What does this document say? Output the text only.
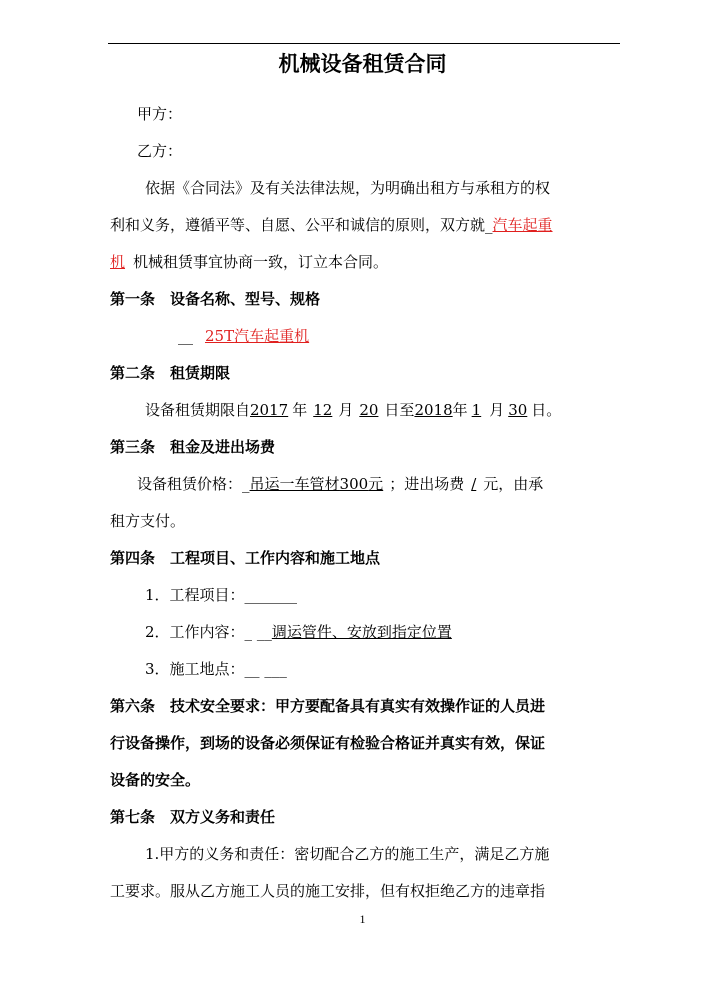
机械设备租赁合同
甲方：
乙方：
依据《合同法》及有关法律法规，为明确出租方与承租方的权
利和义务，遵循平等、自愿、公平和诚信的原则，双方就_汽车起重
机 机械租赁事宜协商一致，订立本合同。
第一条　设备名称、型号、规格
__ 25T汽车起重机
第二条　租赁期限
设备租赁期限自2017 年 12 月 20 日至2018年 1 月 30 日。
第三条　租金及进出场费
设备租赁价格：_吊运一车管材300元 ；进出场费 / 元，由承
租方支付。
第四条　工程项目、工作内容和施工地点
1．工程项目：_______
2．工作内容：_ __调运管件、安放到指定位置
3．施工地点：__ ___
第六条　技术安全要求：甲方要配备具有真实有效操作证的人员进
行设备操作，到场的设备必须保证有检验合格证并真实有效，保证
设备的安全。
第七条　双方义务和责任
1.甲方的义务和责任：密切配合乙方的施工生产，满足乙方施
工要求。服从乙方施工人员的施工安排，但有权拒绝乙方的违章指
1
